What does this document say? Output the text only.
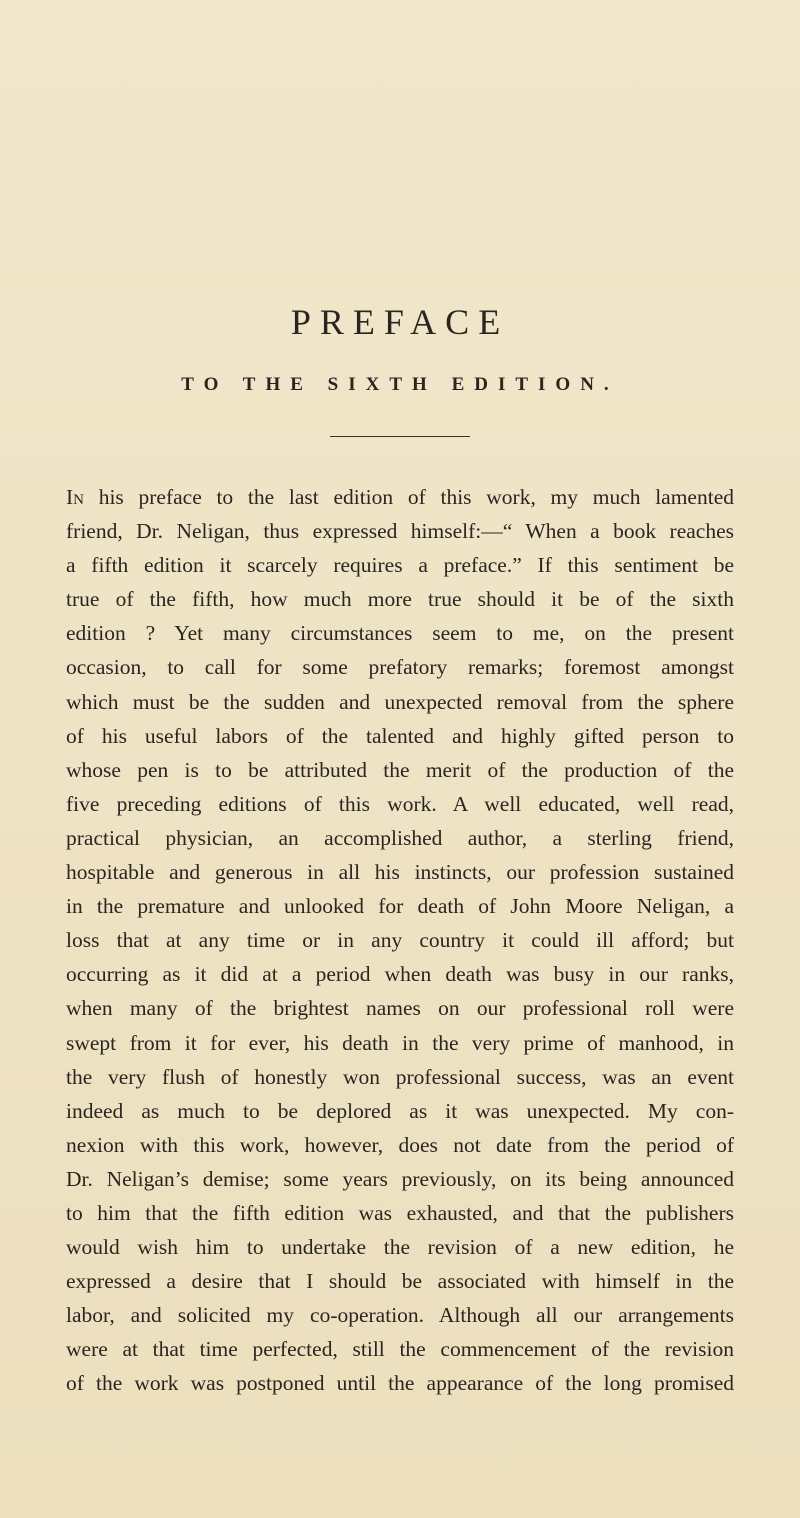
PREFACE
TO THE SIXTH EDITION.
In his preface to the last edition of this work, my much lamented
friend, Dr. Neligan, thus expressed himself:—“ When a book reaches
a fifth edition it scarcely requires a preface.” If this sentiment be
true of the fifth, how much more true should it be of the sixth
edition ? Yet many circumstances seem to me, on the present
occasion, to call for some prefatory remarks; foremost amongst
which must be the sudden and unexpected removal from the sphere
of his useful labors of the talented and highly gifted person to
whose pen is to be attributed the merit of the production of the
five preceding editions of this work. A well educated, well read,
practical physician, an accomplished author, a sterling friend,
hospitable and generous in all his instincts, our profession sustained
in the premature and unlooked for death of John Moore Neligan, a
loss that at any time or in any country it could ill afford; but
occurring as it did at a period when death was busy in our ranks,
when many of the brightest names on our professional roll were
swept from it for ever, his death in the very prime of manhood, in
the very flush of honestly won professional success, was an event
indeed as much to be deplored as it was unexpected. My con-
nexion with this work, however, does not date from the period of
Dr. Neligan’s demise; some years previously, on its being announced
to him that the fifth edition was exhausted, and that the publishers
would wish him to undertake the revision of a new edition, he
expressed a desire that I should be associated with himself in the
labor, and solicited my co-operation. Although all our arrangements
were at that time perfected, still the commencement of the revision
of the work was postponed until the appearance of the long promised
